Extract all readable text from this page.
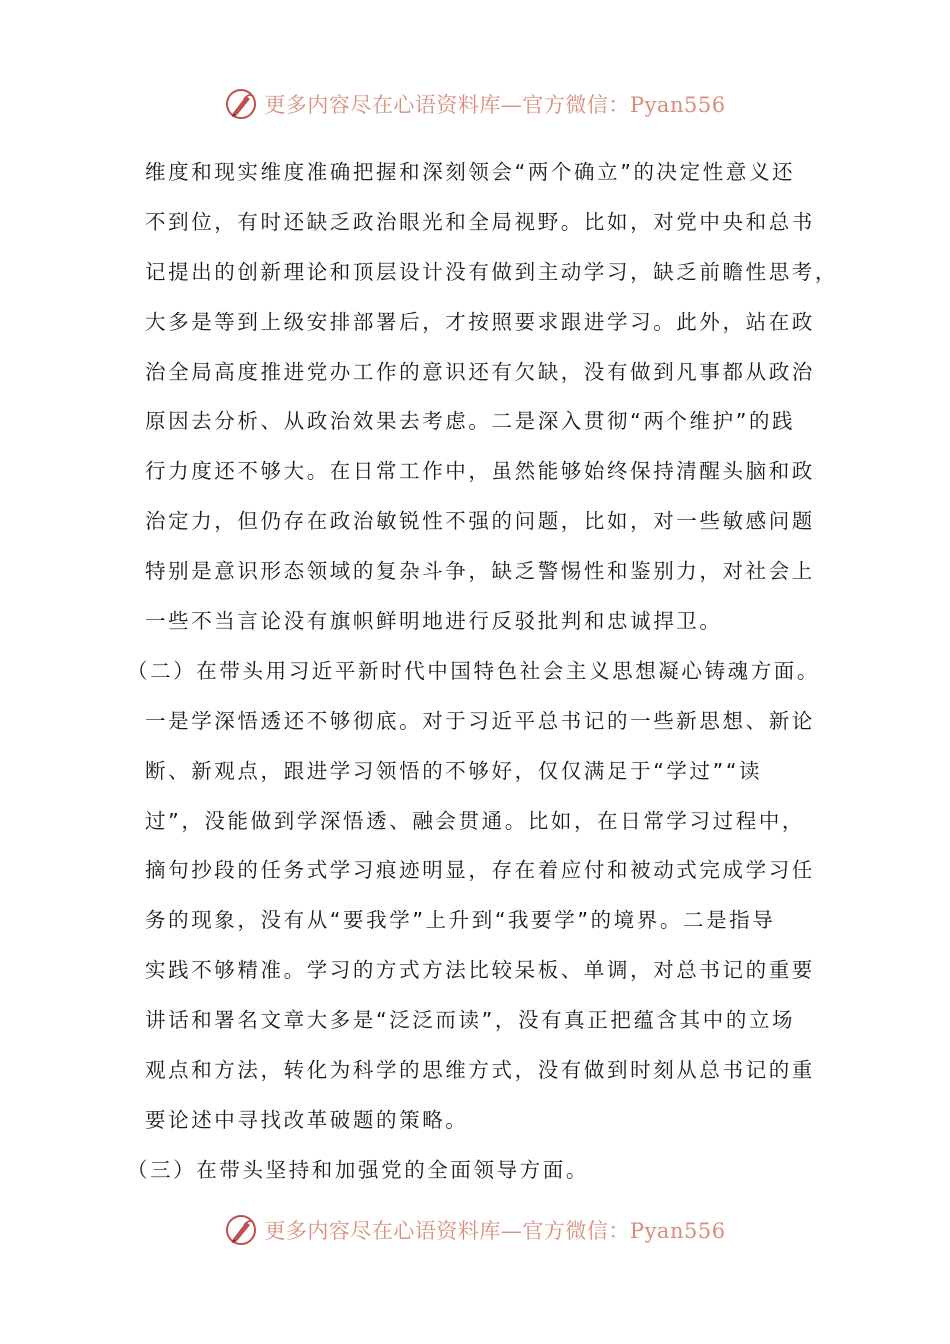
更多内容尽在心语资料库—官方微信：Pyan556
维度和现实维度准确把握和深刻领会“两个确立”的决定性意义还
不到位，有时还缺乏政治眼光和全局视野。比如，对党中央和总书
记提出的创新理论和顶层设计没有做到主动学习，缺乏前瞻性思考，
大多是等到上级安排部署后，才按照要求跟进学习。此外，站在政
治全局高度推进党办工作的意识还有欠缺，没有做到凡事都从政治
原因去分析、从政治效果去考虑。二是深入贯彻“两个维护”的践
行力度还不够大。在日常工作中，虽然能够始终保持清醒头脑和政
治定力，但仍存在政治敏锐性不强的问题，比如，对一些敏感问题
特别是意识形态领域的复杂斗争，缺乏警惕性和鉴别力，对社会上
一些不当言论没有旗帜鲜明地进行反驳批判和忠诚捍卫。
（二）在带头用习近平新时代中国特色社会主义思想凝心铸魂方面。
一是学深悟透还不够彻底。对于习近平总书记的一些新思想、新论
断、新观点，跟进学习领悟的不够好，仅仅满足于“学过”“读
过”，没能做到学深悟透、融会贯通。比如，在日常学习过程中，
摘句抄段的任务式学习痕迹明显，存在着应付和被动式完成学习任
务的现象，没有从“要我学”上升到“我要学”的境界。二是指导
实践不够精准。学习的方式方法比较呆板、单调，对总书记的重要
讲话和署名文章大多是“泛泛而读”，没有真正把蕴含其中的立场
观点和方法，转化为科学的思维方式，没有做到时刻从总书记的重
要论述中寻找改革破题的策略。
（三）在带头坚持和加强党的全面领导方面。
更多内容尽在心语资料库—官方微信：Pyan556
